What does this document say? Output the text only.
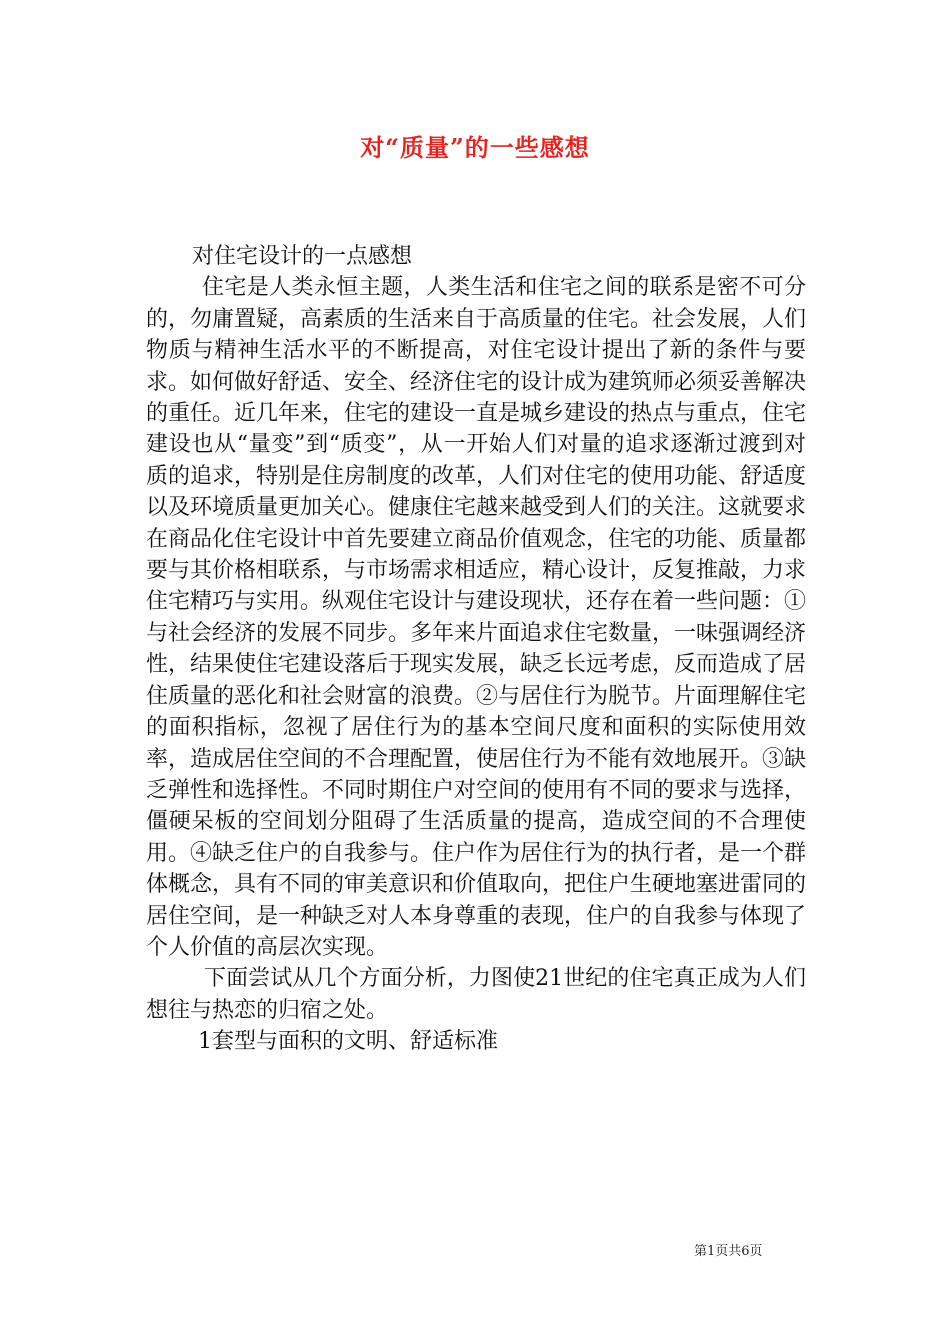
对“质量”的一些感想

对住宅设计的一点感想

住宅是人类永恒主题，人类生活和住宅之间的联系是密不可分的，勿庸置疑，高素质的生活来自于高质量的住宅。社会发展，人们物质与精神生活水平的不断提高，对住宅设计提出了新的条件与要求。如何做好舒适、安全、经济住宅的设计成为建筑师必须妥善解决的重任。近几年来，住宅的建设一直是城乡建设的热点与重点，住宅建设也从“量变”到“质变”，从一开始人们对量的追求逐渐过渡到对质的追求，特别是住房制度的改革，人们对住宅的使用功能、舒适度以及环境质量更加关心。健康住宅越来越受到人们的关注。这就要求在商品化住宅设计中首先要建立商品价值观念，住宅的功能、质量都要与其价格相联系，与市场需求相适应，精心设计，反复推敲，力求住宅精巧与实用。纵观住宅设计与建设现状，还存在着一些问题：①与社会经济的发展不同步。多年来片面追求住宅数量，一味强调经济性，结果使住宅建设落后于现实发展，缺乏长远考虑，反而造成了居住质量的恶化和社会财富的浪费。②与居住行为脱节。片面理解住宅的面积指标，忽视了居住行为的基本空间尺度和面积的实际使用效率，造成居住空间的不合理配置，使居住行为不能有效地展开。③缺乏弹性和选择性。不同时期住户对空间的使用有不同的要求与选择，僵硬呆板的空间划分阻碍了生活质量的提高，造成空间的不合理使用。④缺乏住户的自我参与。住户作为居住行为的执行者，是一个群体概念，具有不同的审美意识和价值取向，把住户生硬地塞进雷同的居住空间，是一种缺乏对人本身尊重的表现，住户的自我参与体现了个人价值的高层次实现。

下面尝试从几个方面分析，力图使21世纪的住宅真正成为人们想往与热恋的归宿之处。

1套型与面积的文明、舒适标准

第1页共6页
